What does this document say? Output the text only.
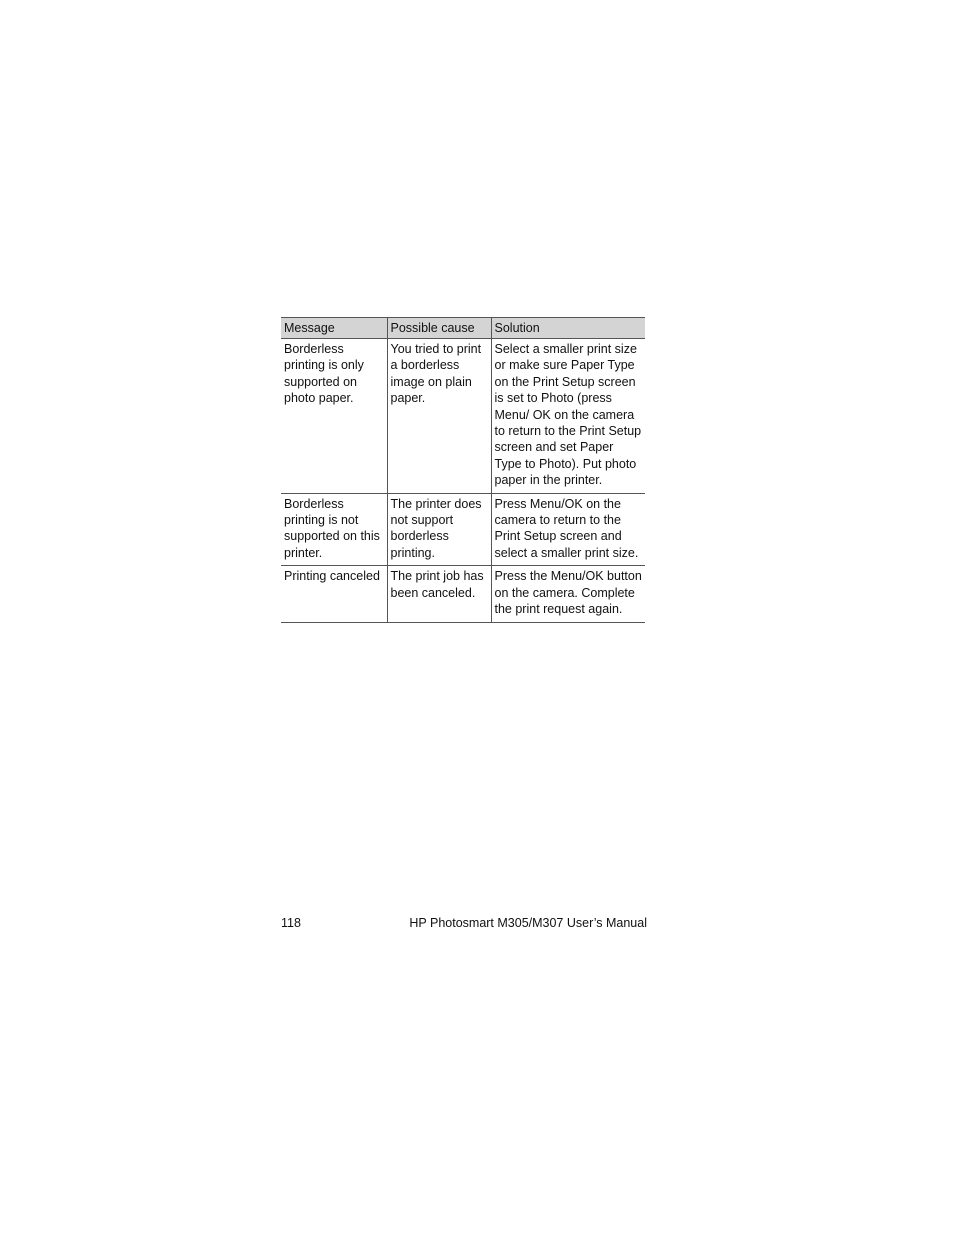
Message	Possible cause	Solution
Borderless printing is only supported on photo paper.	You tried to print a borderless image on plain paper.	Select a smaller print size or make sure Paper Type on the Print Setup screen is set to Photo (press Menu/ OK on the camera to return to the Print Setup screen and set Paper Type to Photo). Put photo paper in the printer.
Borderless printing is not supported on this printer.	The printer does not support borderless printing.	Press Menu/OK on the camera to return to the Print Setup screen and select a smaller print size.
Printing canceled	The print job has been canceled.	Press the Menu/OK button on the camera. Complete the print request again.
118	HP Photosmart M305/M307 User’s Manual
